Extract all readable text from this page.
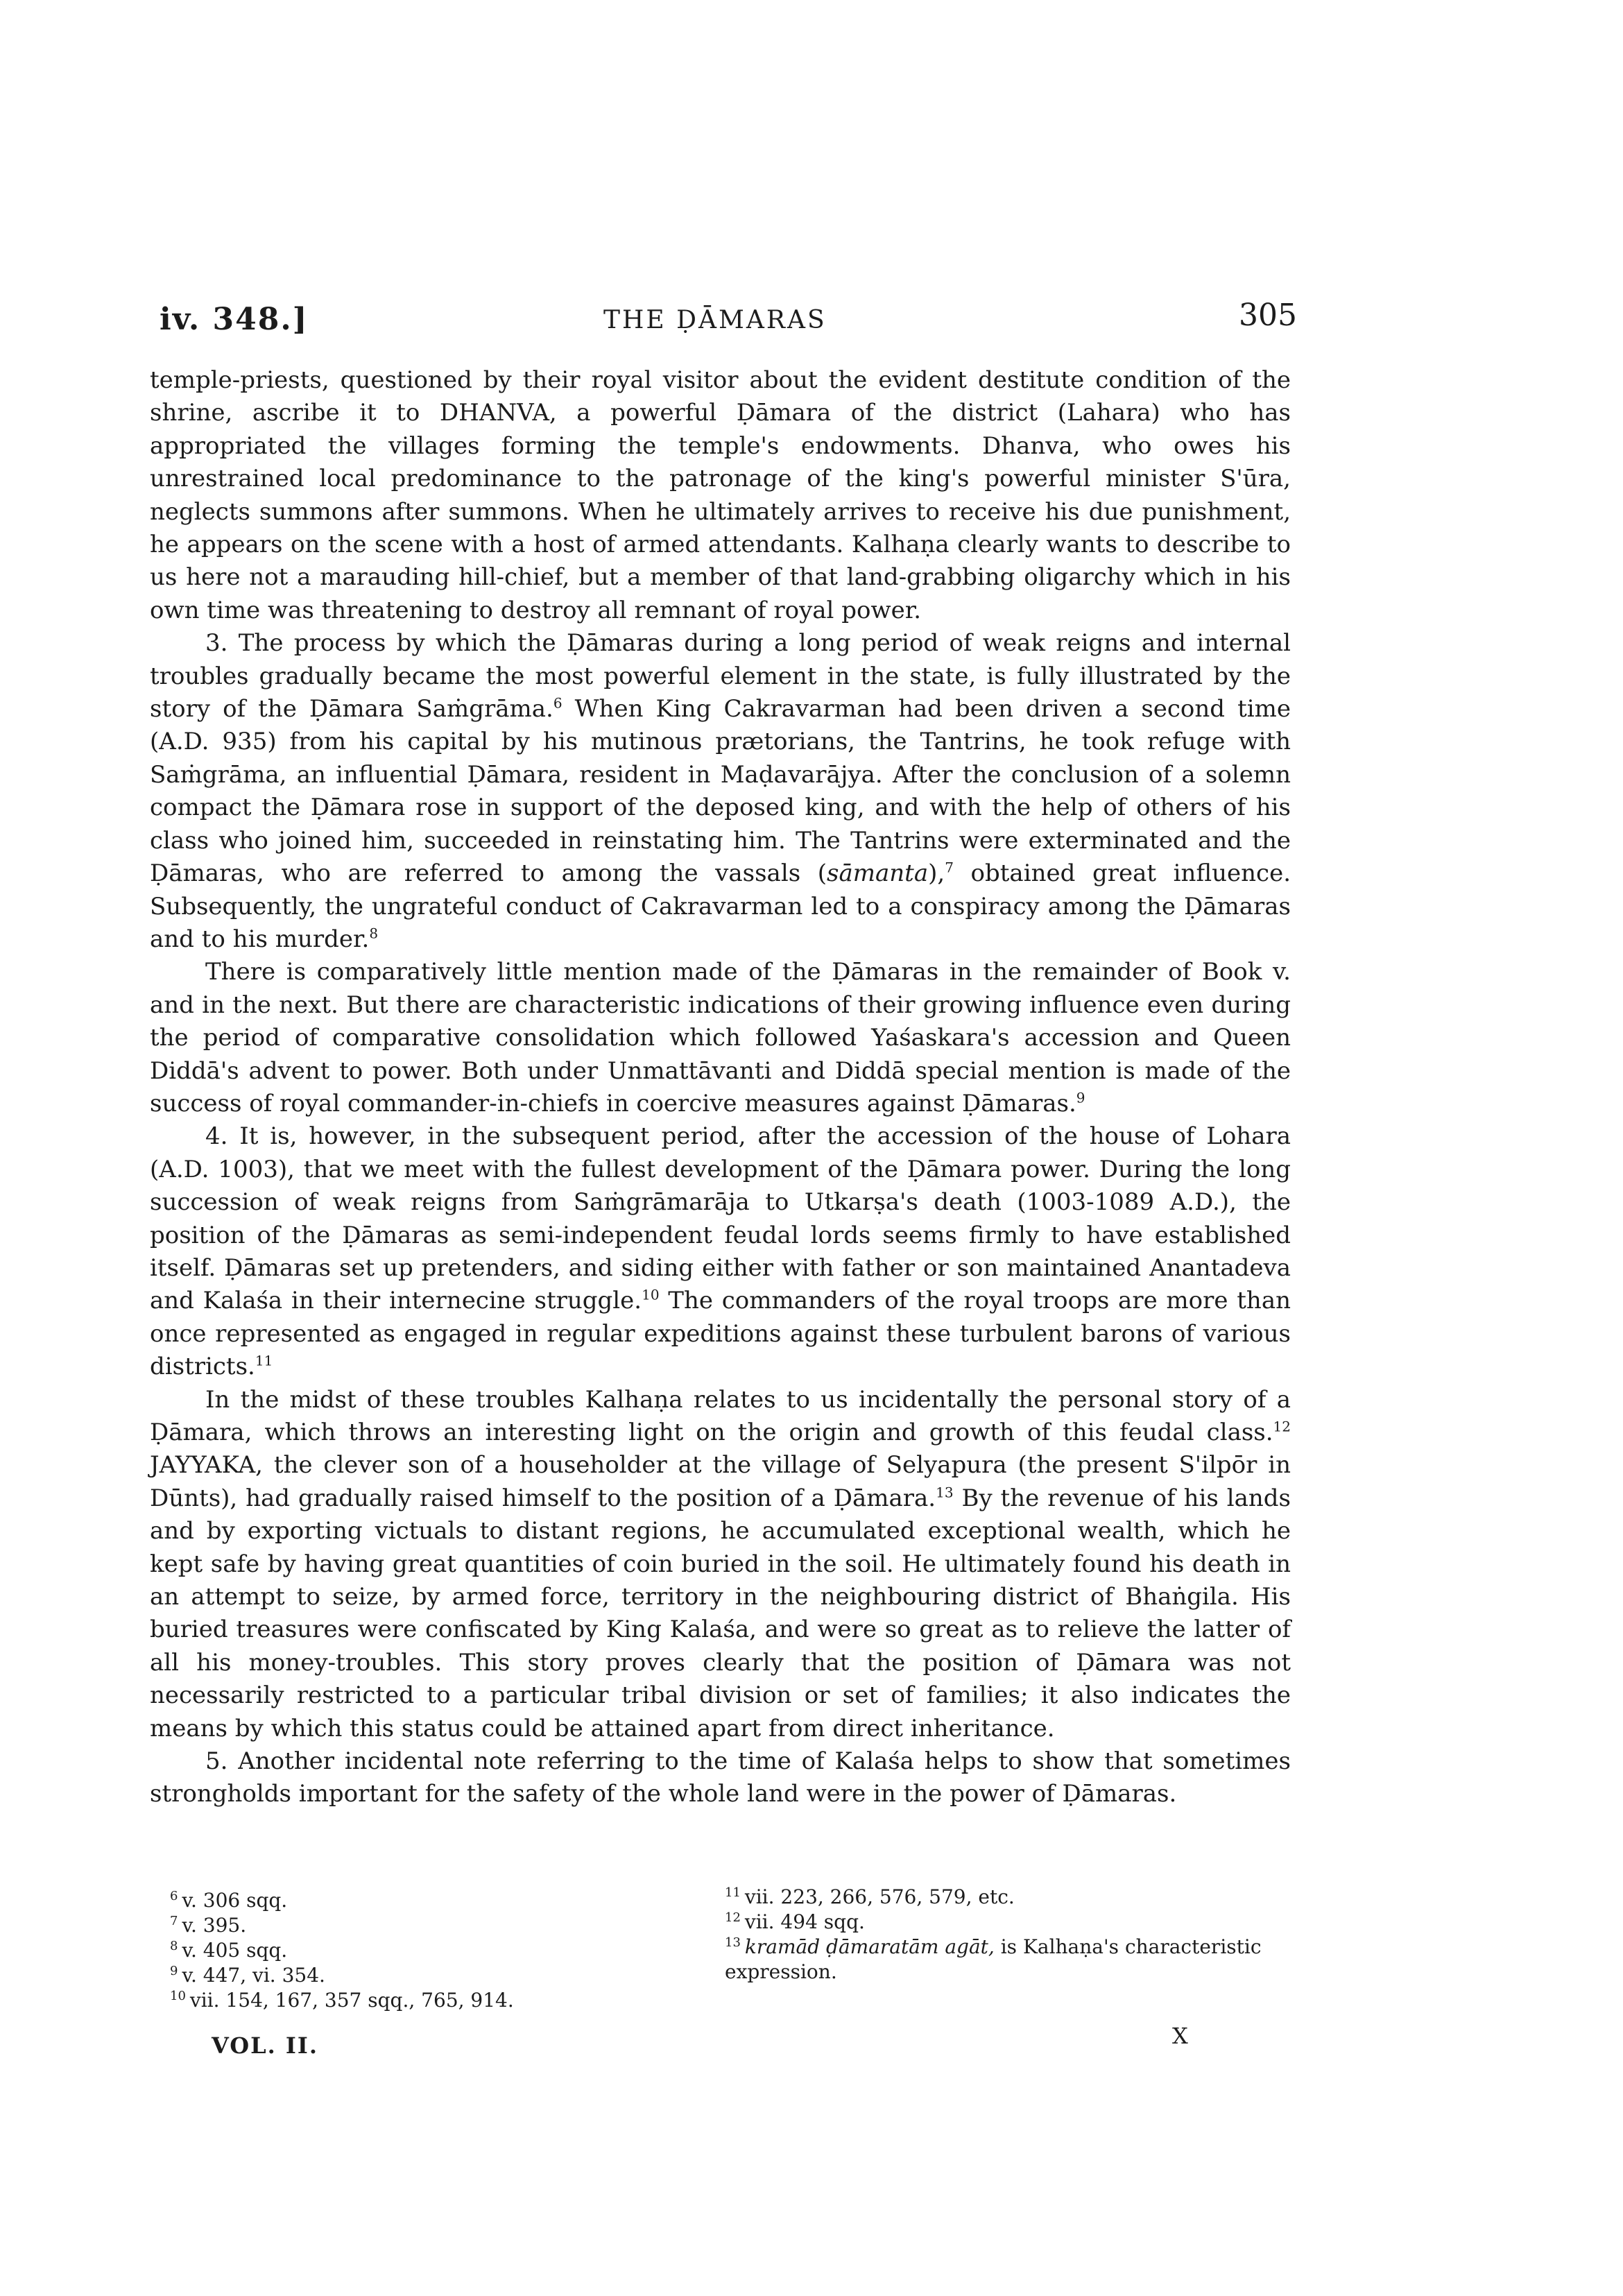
iv. 348.]	THE ḌĀMARAS	305

temple-priests, questioned by their royal visitor about the evident destitute condition of the shrine, ascribe it to DHANVA, a powerful Ḍāmara of the district (Lahara) who has appropriated the villages forming the temple's endowments. Dhanva, who owes his unrestrained local predominance to the patronage of the king's powerful minister S'ūra, neglects summons after summons. When he ultimately arrives to receive his due punishment, he appears on the scene with a host of armed attendants. Kalhaṇa clearly wants to describe to us here not a marauding hill-chief, but a member of that land-grabbing oligarchy which in his own time was threatening to destroy all remnant of royal power.

3. The process by which the Ḍāmaras during a long period of weak reigns and internal troubles gradually became the most powerful element in the state, is fully illustrated by the story of the Ḍāmara Saṁgrāma.$^6$ When King Cakravarman had been driven a second time (A.D. 935) from his capital by his mutinous prætorians, the Tantrins, he took refuge with Saṁgrāma, an influential Ḍāmara, resident in Maḍavarājya. After the conclusion of a solemn compact the Ḍāmara rose in support of the deposed king, and with the help of others of his class who joined him, succeeded in reinstating him. The Tantrins were exterminated and the Ḍāmaras, who are referred to among the vassals (sāmanta),$^7$ obtained great influence. Subsequently, the ungrateful conduct of Cakravarman led to a conspiracy among the Ḍāmaras and to his murder.$^8$

There is comparatively little mention made of the Ḍāmaras in the remainder of Book v. and in the next. But there are characteristic indications of their growing influence even during the period of comparative consolidation which followed Yaśaskara's accession and Queen Diddā's advent to power. Both under Unmattāvanti and Diddā special mention is made of the success of royal commander-in-chiefs in coercive measures against Ḍāmaras.$^9$

4. It is, however, in the subsequent period, after the accession of the house of Lohara (A.D. 1003), that we meet with the fullest development of the Ḍāmara power. During the long succession of weak reigns from Saṁgrāmarāja to Utkarṣa's death (1003-1089 A.D.), the position of the Ḍāmaras as semi-independent feudal lords seems firmly to have established itself. Ḍāmaras set up pretenders, and siding either with father or son maintained Anantadeva and Kalaśa in their internecine struggle.$^{10}$ The commanders of the royal troops are more than once represented as engaged in regular expeditions against these turbulent barons of various districts.$^{11}$

In the midst of these troubles Kalhaṇa relates to us incidentally the personal story of a Ḍāmara, which throws an interesting light on the origin and growth of this feudal class.$^{12}$ JAYYAKA, the clever son of a householder at the village of Selyapura (the present S'ilpōr in Dūnts), had gradually raised himself to the position of a Ḍāmara.$^{13}$ By the revenue of his lands and by exporting victuals to distant regions, he accumulated exceptional wealth, which he kept safe by having great quantities of coin buried in the soil. He ultimately found his death in an attempt to seize, by armed force, territory in the neighbouring district of Bhaṅgila. His buried treasures were confiscated by King Kalaśa, and were so great as to relieve the latter of all his money-troubles. This story proves clearly that the position of Ḍāmara was not necessarily restricted to a particular tribal division or set of families; it also indicates the means by which this status could be attained apart from direct inheritance.

5. Another incidental note referring to the time of Kalaśa helps to show that sometimes strongholds important for the safety of the whole land were in the power of Ḍāmaras.

$^6$ v. 306 sqq.

$^7$ v. 395.

$^8$ v. 405 sqq.

$^9$ v. 447, vi. 354.

$^{10}$ vii. 154, 167, 357 sqq., 765, 914.

$^{11}$ vii. 223, 266, 576, 579, etc.

$^{12}$ vii. 494 sqq.

$^{13}$ kramād ḍāmaratām agāt, is Kalhaṇa's characteristic expression.

VOL. II.	X
